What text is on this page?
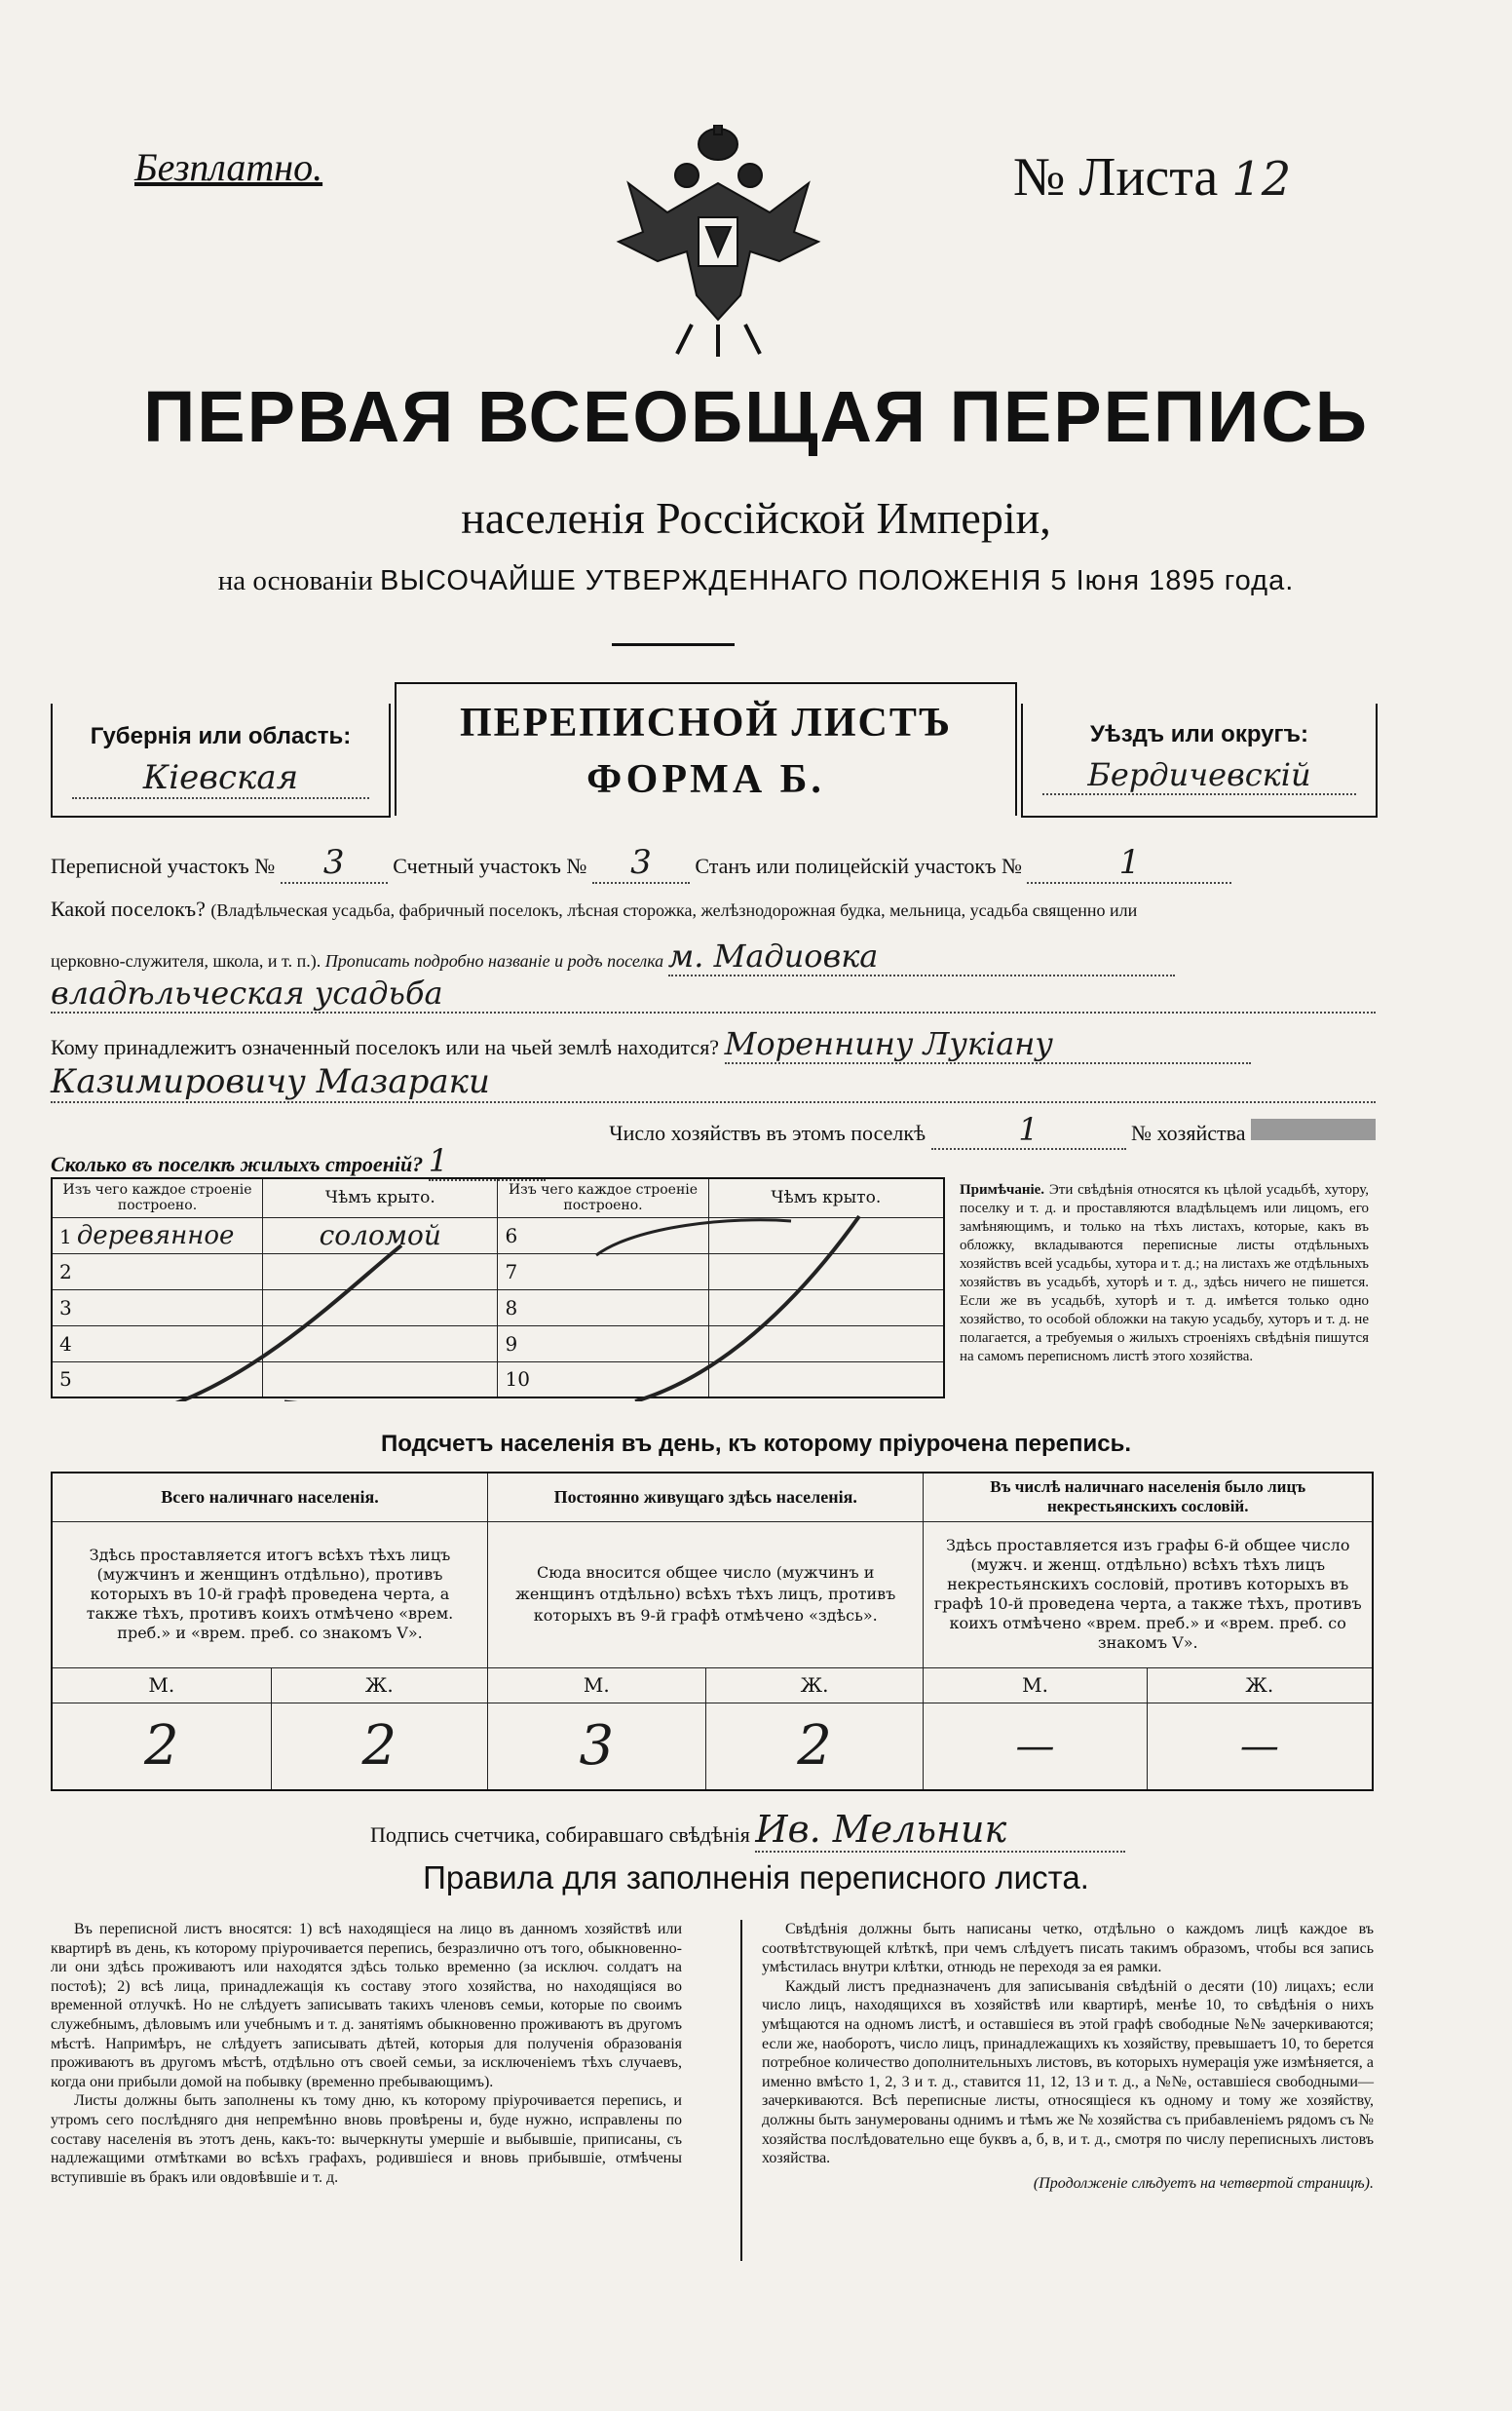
Безплатно.	№ Листа 12
ПЕРВАЯ ВСЕОБЩАЯ ПЕРЕПИСЬ
населенія Россійской Имперіи,
на основаніи ВЫСОЧАЙШЕ УТВЕРЖДЕННАГО ПОЛОЖЕНІЯ 5 Іюня 1895 года.
Губернія или область:
Кіевская
ПЕРЕПИСНОЙ ЛИСТЪ
ФОРМА Б.
Уѣздъ или округъ:
Бердичевскій
Переписной участокъ № 3 Счетный участокъ № 3 Станъ или полицейскій участокъ №	1
Какой поселокъ? (Владѣльческая усадьба, фабричный поселокъ, лѣсная сторожка, желѣзнодорожная будка, мельница, усадьба священно или
церковно-служителя, школа, и т. п.). Прописать подробно названіе и родъ поселка м. Мадиовка
владѣльческая усадьба
Кому принадлежитъ означенный поселокъ или на чьей землѣ находится? Мореннину Лукіану
Казимировичу Мазараки
Число хозяйствъ въ этомъ поселкѣ	1	№ хозяйства
Сколько въ поселкѣ жилыхъ строеній? 1
Изъ чего каждое строеніе построено.	Чѣмъ крыто.	Изъ чего каждое строеніе построено.	Чѣмъ крыто.
1 деревянное	соломой	6	
2		7	
3		8	
4		9	
5		10	
Примѣчаніе. Эти свѣдѣнія относятся къ цѣлой усадьбѣ, хутору, поселку и т. д. и проставляются владѣльцемъ или лицомъ, его замѣняющимъ, и только на тѣхъ листахъ, которые, какъ въ обложку, вкладываются переписные листы отдѣльныхъ хозяйствъ всей усадьбы, хутора и т. д.; на листахъ же отдѣльныхъ хозяйствъ въ усадьбѣ, хуторѣ и т. д., здѣсь ничего не пишется. Если же въ усадьбѣ, хуторѣ и т. д. имѣется только одно хозяйство, то особой обложки на такую усадьбу, хуторъ и т. д. не полагается, а требуемыя о жилыхъ строеніяхъ свѣдѣнія пишутся на самомъ переписномъ листѣ этого хозяйства.
Подсчетъ населенія въ день, къ которому пріурочена перепись.
Всего наличнаго населенія.		Постоянно живущаго здѣсь населенія.		Въ числѣ наличнаго населенія было лицъ некрестьянскихъ сословій.	
Здѣсь проставляется итогъ всѣхъ тѣхъ лицъ (мужчинъ и женщинъ отдѣльно), противъ которыхъ въ 10-й графѣ проведена черта, а также тѣхъ, противъ коихъ отмѣчено «врем. преб.» и «врем. преб. со знакомъ V».		Сюда вносится общее число (мужчинъ и женщинъ отдѣльно) всѣхъ тѣхъ лицъ, противъ которыхъ въ 9-й графѣ отмѣчено «здѣсь».		Здѣсь проставляется изъ графы 6-й общее число (мужч. и женщ. отдѣльно) всѣхъ тѣхъ лицъ некрестьянскихъ сословій, противъ которыхъ въ графѣ 10-й проведена черта, а также тѣхъ, противъ коихъ отмѣчено «врем. преб.» и «врем. преб. со знакомъ V».	
М.	Ж.	М.	Ж.	М.	Ж.
2	2	3	2	—	—
Подпись счетчика, собиравшаго свѣдѣнія Ив. Мельник
Правила для заполненія переписного листа.

Въ переписной листъ вносятся: 1) всѣ находящіеся на лицо въ данномъ хозяйствѣ или квартирѣ въ день, къ которому пріурочивается перепись, безразлично отъ того, обыкновенно-ли они здѣсь проживаютъ или находятся здѣсь только временно (за исключ. солдатъ на постоѣ); 2) всѣ лица, принадлежащія къ составу этого хозяйства, но находящіяся во временной отлучкѣ. Но не слѣдуетъ записывать такихъ членовъ семьи, которые по своимъ служебнымъ, дѣловымъ или учебнымъ и т. д. занятіямъ обыкновенно проживаютъ въ другомъ мѣстѣ. Напримѣръ, не слѣдуетъ записывать дѣтей, которыя для полученія образованія проживаютъ въ другомъ мѣстѣ, отдѣльно отъ своей семьи, за исключеніемъ тѣхъ случаевъ, когда они прибыли домой на побывку (временно пребывающимъ).

Листы должны быть заполнены къ тому дню, къ которому пріурочивается перепись, и утромъ сего послѣдняго дня непремѣнно вновь провѣрены и, буде нужно, исправлены по составу населенія въ этотъ день, какъ-то: вычеркнуты умершіе и выбывшіе, приписаны, съ надлежащими отмѣтками во всѣхъ графахъ, родившіеся и вновь прибывшіе, отмѣчены вступившіе въ бракъ или овдовѣвшіе и т. д.

Свѣдѣнія должны быть написаны четко, отдѣльно о каждомъ лицѣ каждое въ соотвѣтствующей клѣткѣ, при чемъ слѣдуетъ писать такимъ образомъ, чтобы вся запись умѣстилась внутри клѣтки, отнюдь не переходя за ея рамки.

Каждый листъ предназначенъ для записыванія свѣдѣній о десяти (10) лицахъ; если число лицъ, находящихся въ хозяйствѣ или квартирѣ, менѣе 10, то свѣдѣнія о нихъ умѣщаются на одномъ листѣ, и оставшіеся въ этой графѣ свободные №№ зачеркиваются; если же, наоборотъ, число лицъ, принадлежащихъ къ хозяйству, превышаетъ 10, то берется потребное количество дополнительныхъ листовъ, въ которыхъ нумерація уже измѣняется, а именно вмѣсто 1, 2, 3 и т. д., ставится 11, 12, 13 и т. д., а №№, оставшіеся свободными—зачеркиваются. Всѣ переписные листы, относящіеся къ одному и тому же хозяйству, должны быть занумерованы однимъ и тѣмъ же № хозяйства съ прибавленіемъ рядомъ съ № хозяйства послѣдовательно еще буквъ а, б, в, и т. д., смотря по числу переписныхъ листовъ хозяйства.

(Продолженіе слѣдуетъ на четвертой страницѣ).
